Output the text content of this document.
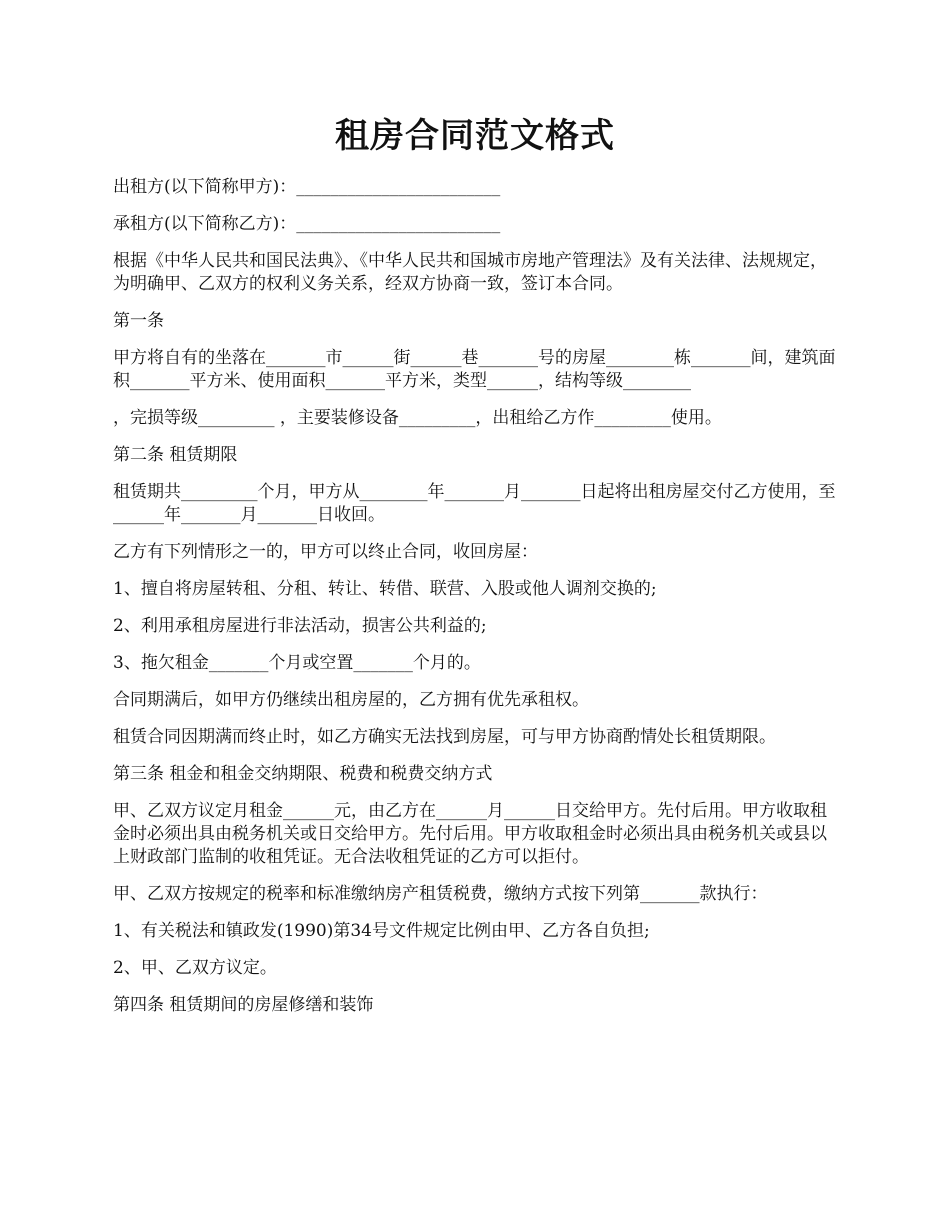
租房合同范文格式

出租方(以下简称甲方)：________________________

承租方(以下简称乙方)：________________________

根据《中华人民共和国民法典》、《中华人民共和国城市房地产管理法》及有关法律、法规规定，为明确甲、乙双方的权利义务关系，经双方协商一致，签订本合同。

第一条

甲方将自有的坐落在_______市______街______巷_______号的房屋________栋_______间，建筑面积_______平方米、使用面积_______平方米，类型______，结构等级________

，完损等级_________ ，主要装修设备_________，出租给乙方作_________使用。

第二条 租赁期限

租赁期共_________个月，甲方从________年_______月_______日起将出租房屋交付乙方使用，至______年_______月_______日收回。

乙方有下列情形之一的，甲方可以终止合同，收回房屋：

1、擅自将房屋转租、分租、转让、转借、联营、入股或他人调剂交换的;

2、利用承租房屋进行非法活动，损害公共利益的;

3、拖欠租金_______个月或空置_______个月的。

合同期满后，如甲方仍继续出租房屋的，乙方拥有优先承租权。

租赁合同因期满而终止时，如乙方确实无法找到房屋，可与甲方协商酌情处长租赁期限。

第三条 租金和租金交纳期限、税费和税费交纳方式

甲、乙双方议定月租金______元，由乙方在______月______日交给甲方。先付后用。甲方收取租金时必须出具由税务机关或日交给甲方。先付后用。甲方收取租金时必须出具由税务机关或县以上财政部门监制的收租凭证。无合法收租凭证的乙方可以拒付。

甲、乙双方按规定的税率和标准缴纳房产租赁税费，缴纳方式按下列第_______款执行：

1、有关税法和镇政发(1990)第34号文件规定比例由甲、乙方各自负担;

2、甲、乙双方议定。

第四条 租赁期间的房屋修缮和装饰
